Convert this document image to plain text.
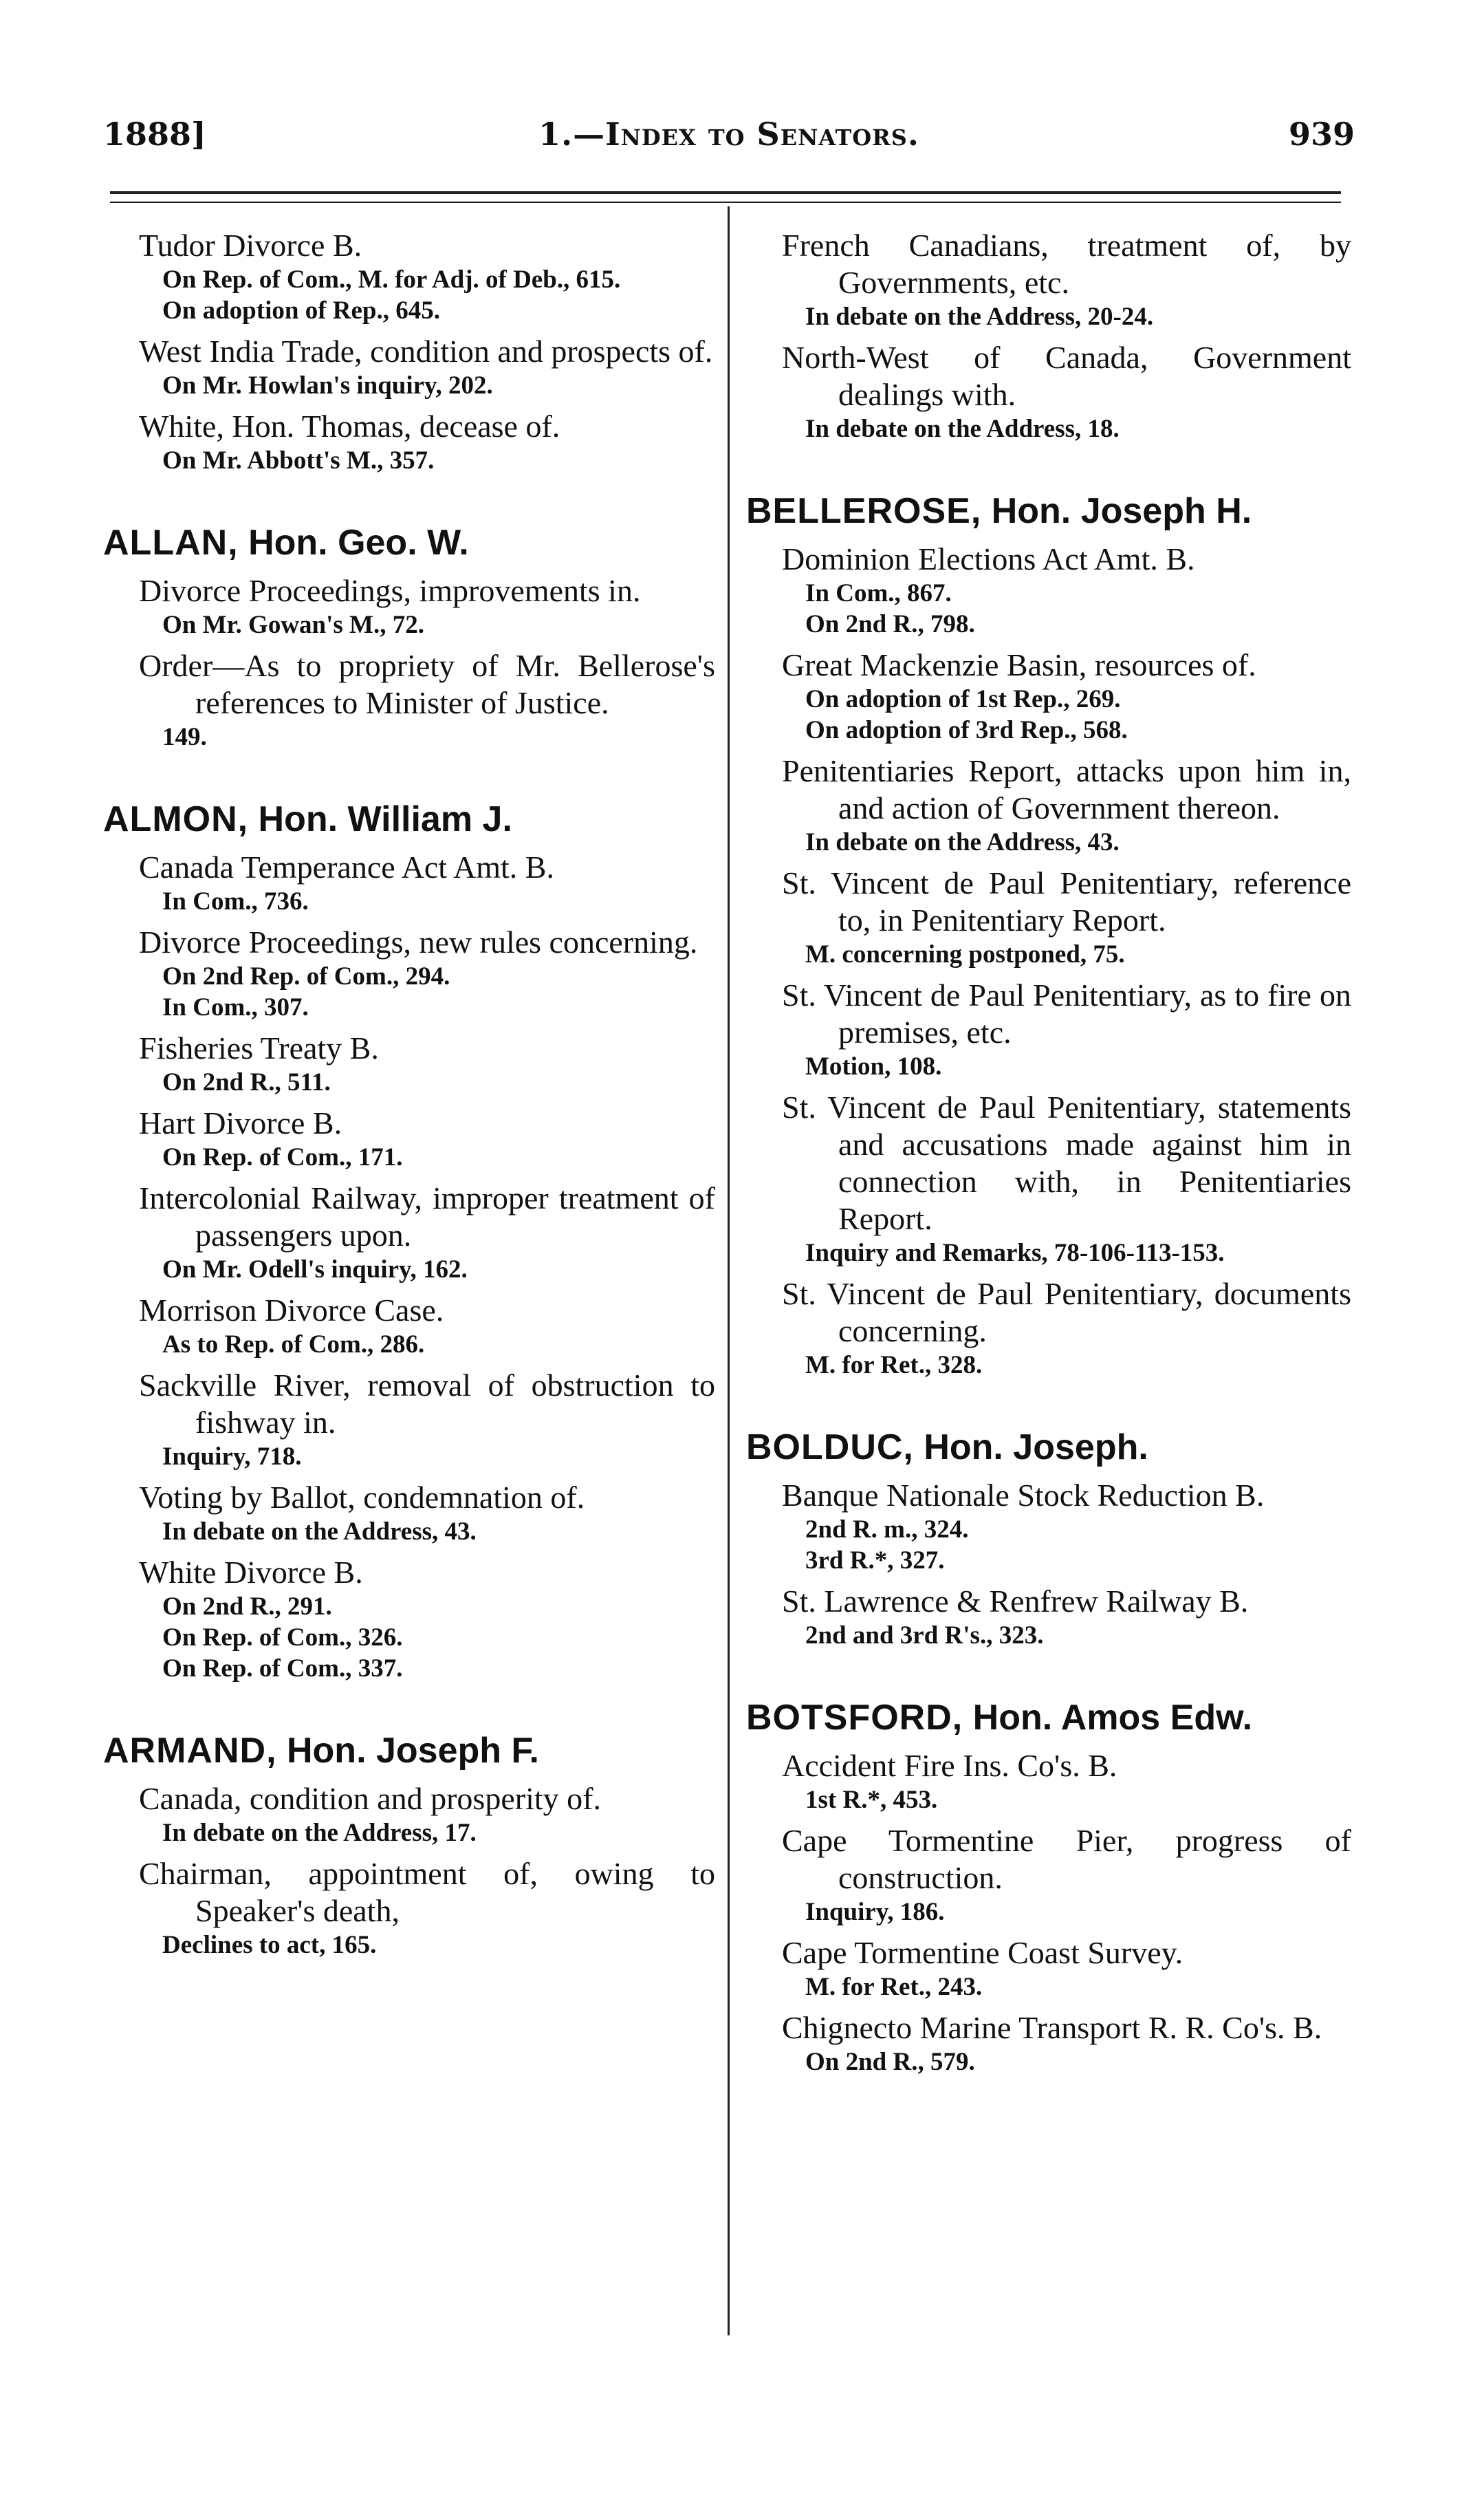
1888]	1.—Index to Senators.	939
Tudor Divorce B.
On Rep. of Com., M. for Adj. of Deb., 615.
On adoption of Rep., 645.
West India Trade, condition and prospects of.
On Mr. Howlan's inquiry, 202.
White, Hon. Thomas, decease of.
On Mr. Abbott's M., 357.
ALLAN, Hon. Geo. W.
Divorce Proceedings, improvements in.
On Mr. Gowan's M., 72.
Order—As to propriety of Mr. Bellerose's references to Minister of Justice.
149.
ALMON, Hon. William J.
Canada Temperance Act Amt. B.
In Com., 736.
Divorce Proceedings, new rules concerning.
On 2nd Rep. of Com., 294.
In Com., 307.
Fisheries Treaty B.
On 2nd R., 511.
Hart Divorce B.
On Rep. of Com., 171.
Intercolonial Railway, improper treatment of passengers upon.
On Mr. Odell's inquiry, 162.
Morrison Divorce Case.
As to Rep. of Com., 286.
Sackville River, removal of obstruction to fishway in.
Inquiry, 718.
Voting by Ballot, condemnation of.
In debate on the Address, 43.
White Divorce B.
On 2nd R., 291.
On Rep. of Com., 326.
On Rep. of Com., 337.
ARMAND, Hon. Joseph F.
Canada, condition and prosperity of.
In debate on the Address, 17.
Chairman, appointment of, owing to Speaker's death,
Declines to act, 165.
French Canadians, treatment of, by Governments, etc.
In debate on the Address, 20-24.
North-West of Canada, Government dealings with.
In debate on the Address, 18.
BELLEROSE, Hon. Joseph H.
Dominion Elections Act Amt. B.
In Com., 867.
On 2nd R., 798.
Great Mackenzie Basin, resources of.
On adoption of 1st Rep., 269.
On adoption of 3rd Rep., 568.
Penitentiaries Report, attacks upon him in, and action of Government thereon.
In debate on the Address, 43.
St. Vincent de Paul Penitentiary, reference to, in Penitentiary Report.
M. concerning postponed, 75.
St. Vincent de Paul Penitentiary, as to fire on premises, etc.
Motion, 108.
St. Vincent de Paul Penitentiary, statements and accusations made against him in connection with, in Penitentiaries Report.
Inquiry and Remarks, 78-106-113-153.
St. Vincent de Paul Penitentiary, documents concerning.
M. for Ret., 328.
BOLDUC, Hon. Joseph.
Banque Nationale Stock Reduction B.
2nd R. m., 324.
3rd R.*, 327.
St. Lawrence & Renfrew Railway B.
2nd and 3rd R's., 323.
BOTSFORD, Hon. Amos Edw.
Accident Fire Ins. Co's. B.
1st R.*, 453.
Cape Tormentine Pier, progress of construction.
Inquiry, 186.
Cape Tormentine Coast Survey.
M. for Ret., 243.
Chignecto Marine Transport R. R. Co's. B.
On 2nd R., 579.
